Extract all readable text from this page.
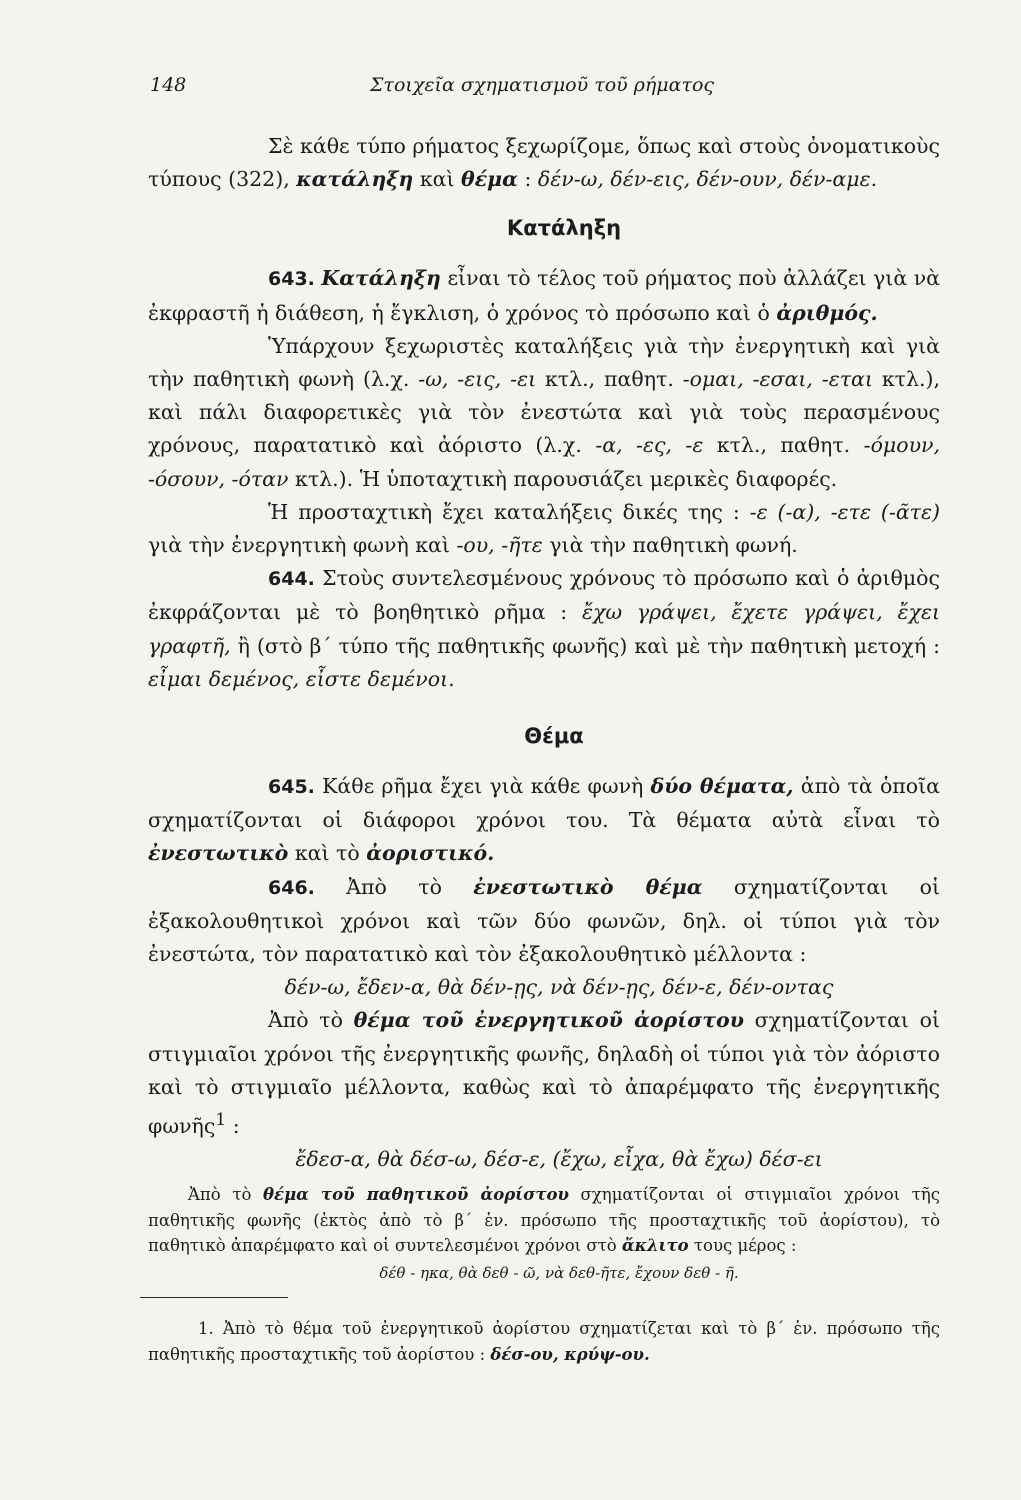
148	Στοιχεῖα σχηματισμοῦ τοῦ ρήματος

Σὲ κάθε τύπο ρήματος ξεχωρίζομε, ὅπως καὶ στοὺς ὀνοματικοὺς τύπους (322), κατάληξη καὶ θέμα : δέν-ω, δέν-εις, δέν-ουν, δέν-αμε.

Κατάληξη

643. Κατάληξη εἶναι τὸ τέλος τοῦ ρήματος ποὺ ἀλλάζει γιὰ νὰ ἐκφραστῆ ἡ διάθεση, ἡ ἔγκλιση, ὁ χρόνος τὸ πρόσωπο καὶ ὁ ἀριθμός.

Ὑπάρχουν ξεχωριστὲς καταλήξεις γιὰ τὴν ἐνεργητικὴ καὶ γιὰ τὴν παθητικὴ φωνὴ (λ.χ. -ω, -εις, -ει κτλ., παθητ. -ομαι, -εσαι, -εται κτλ.), καὶ πάλι διαφορετικὲς γιὰ τὸν ἐνεστώτα καὶ γιὰ τοὺς περασμένους χρόνους, παρατατικὸ καὶ ἀόριστο (λ.χ. -α, -ες, -ε κτλ., παθητ. -όμουν, -όσουν, -όταν κτλ.). Ἡ ὑποταχτικὴ παρουσιάζει μερικὲς διαφορές.

Ἡ προσταχτικὴ ἔχει καταλήξεις δικές της : -ε (-α), -ετε (-ᾶτε) γιὰ τὴν ἐνεργητικὴ φωνὴ καὶ -ου, -ῆτε γιὰ τὴν παθητικὴ φωνή.

644. Στοὺς συντελεσμένους χρόνους τὸ πρόσωπο καὶ ὁ ἀριθμὸς ἐκφράζονται μὲ τὸ βοηθητικὸ ρῆμα : ἔχω γράψει, ἔχετε γράψει, ἔχει γραφτῆ, ἢ (στὸ β΄ τύπο τῆς παθητικῆς φωνῆς) καὶ μὲ τὴν παθητικὴ μετοχή : εἶμαι δεμένος, εἶστε δεμένοι.

Θέμα

645. Κάθε ρῆμα ἔχει γιὰ κάθε φωνὴ δύο θέματα, ἀπὸ τὰ ὁποῖα σχηματίζονται οἱ διάφοροι χρόνοι του. Τὰ θέματα αὐτὰ εἶναι τὸ ἐνεστωτικὸ καὶ τὸ ἀοριστικό.

646. Ἀπὸ τὸ ἐνεστωτικὸ θέμα σχηματίζονται οἱ ἐξακολουθητικοὶ χρόνοι καὶ τῶν δύο φωνῶν, δηλ. οἱ τύποι γιὰ τὸν ἐνεστώτα, τὸν παρατατικὸ καὶ τὸν ἐξακολουθητικὸ μέλλοντα :

δέν-ω, ἔδεν-α, θὰ δέν-ῃς, νὰ δέν-ῃς, δέν-ε, δέν-οντας

Ἀπὸ τὸ θέμα τοῦ ἐνεργητικοῦ ἀορίστου σχηματίζονται οἱ στιγμιαῖοι χρόνοι τῆς ἐνεργητικῆς φωνῆς, δηλαδὴ οἱ τύποι γιὰ τὸν ἀόριστο καὶ τὸ στιγμιαῖο μέλλοντα, καθὼς καὶ τὸ ἀπαρέμφατο τῆς ἐνεργητικῆς φωνῆς$^1$ :

ἔδεσ-α, θὰ δέσ-ω, δέσ-ε, (ἔχω, εἶχα, θὰ ἔχω) δέσ-ει

Ἀπὸ τὸ θέμα τοῦ παθητικοῦ ἀορίστου σχηματίζονται οἱ στιγμιαῖοι χρόνοι τῆς παθητικῆς φωνῆς (ἐκτὸς ἀπὸ τὸ β΄ ἑν. πρόσωπο τῆς προσταχτικῆς τοῦ ἀορίστου), τὸ παθητικὸ ἀπαρέμφατο καὶ οἱ συντελεσμένοι χρόνοι στὸ ἄκλιτο τους μέρος :

δέθ - ηκα, θὰ δεθ - ῶ, νὰ δεθ-ῆτε, ἔχουν δεθ - ῆ.

1. Ἀπὸ τὸ θέμα τοῦ ἐνεργητικοῦ ἀορίστου σχηματίζεται καὶ τὸ β΄ ἑν. πρόσωπο τῆς παθητικῆς προσταχτικῆς τοῦ ἀορίστου : δέσ-ου, κρύψ-ου.
